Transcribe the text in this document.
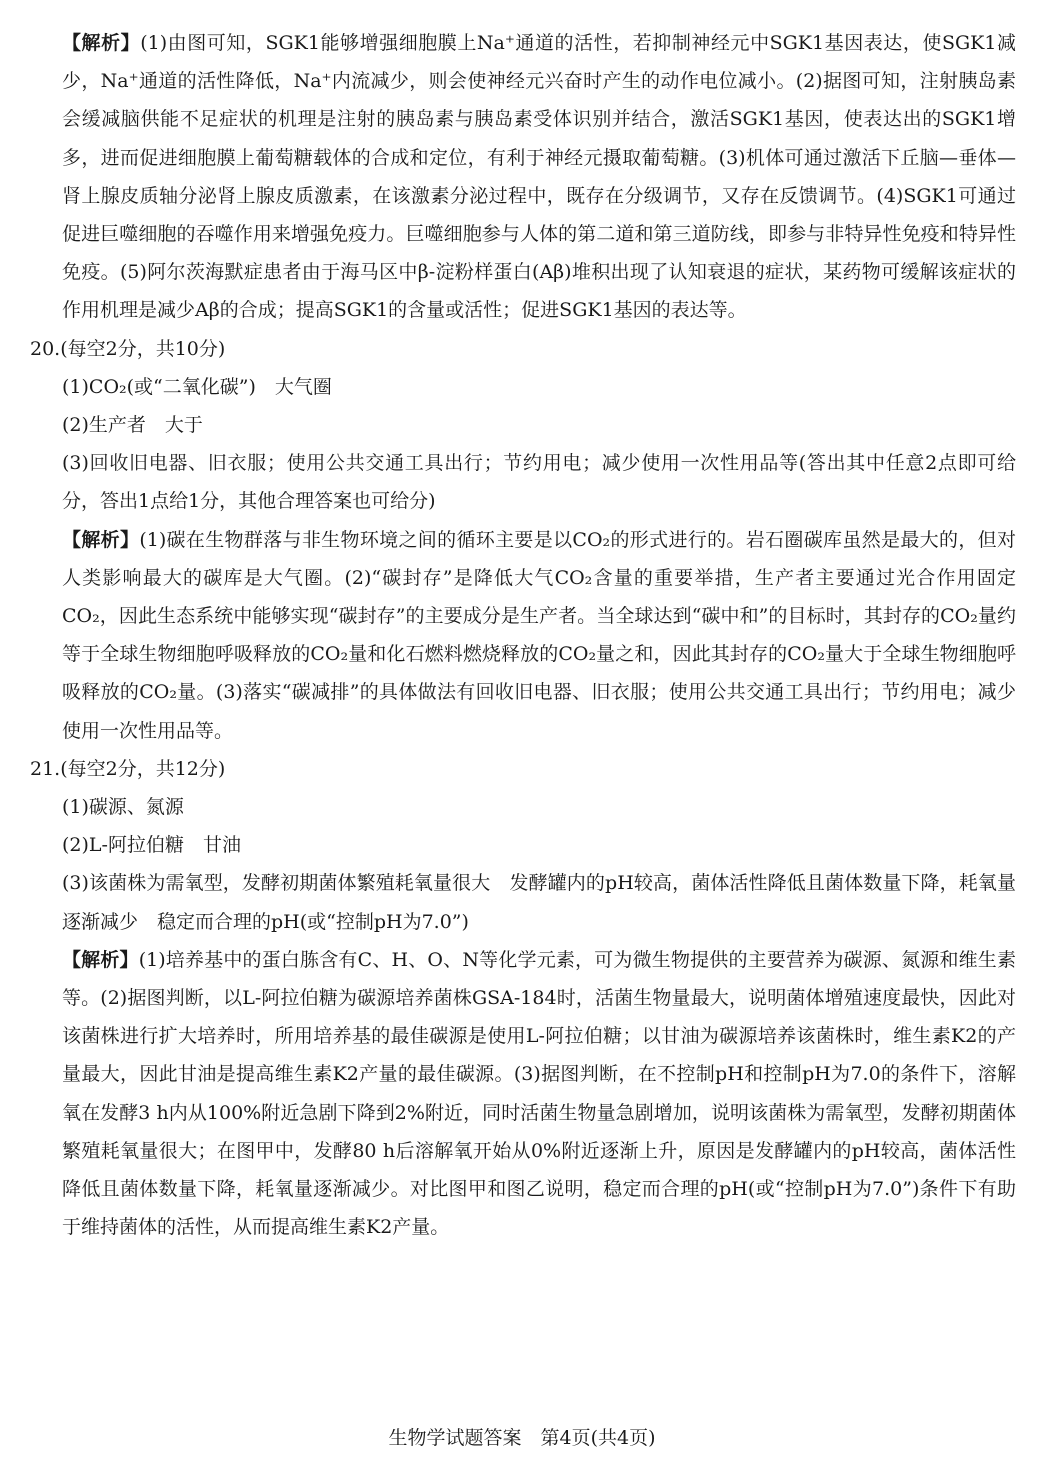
【解析】(1)由图可知，SGK1能够增强细胞膜上Na⁺通道的活性，若抑制神经元中SGK1基因表达，使SGK1减少，Na⁺通道的活性降低，Na⁺内流减少，则会使神经元兴奋时产生的动作电位减小。(2)据图可知，注射胰岛素会缓减脑供能不足症状的机理是注射的胰岛素与胰岛素受体识别并结合，激活SGK1基因，使表达出的SGK1增多，进而促进细胞膜上葡萄糖载体的合成和定位，有利于神经元摄取葡萄糖。(3)机体可通过激活下丘脑—垂体—肾上腺皮质轴分泌肾上腺皮质激素，在该激素分泌过程中，既存在分级调节，又存在反馈调节。(4)SGK1可通过促进巨噬细胞的吞噬作用来增强免疫力。巨噬细胞参与人体的第二道和第三道防线，即参与非特异性免疫和特异性免疫。(5)阿尔茨海默症患者由于海马区中β-淀粉样蛋白(Aβ)堆积出现了认知衰退的症状，某药物可缓解该症状的作用机理是减少Aβ的合成；提高SGK1的含量或活性；促进SGK1基因的表达等。

20.(每空2分，共10分)

(1)CO₂(或“二氧化碳”)　大气圈

(2)生产者　大于

(3)回收旧电器、旧衣服；使用公共交通工具出行；节约用电；减少使用一次性用品等(答出其中任意2点即可给分，答出1点给1分，其他合理答案也可给分)

【解析】(1)碳在生物群落与非生物环境之间的循环主要是以CO₂的形式进行的。岩石圈碳库虽然是最大的，但对人类影响最大的碳库是大气圈。(2)“碳封存”是降低大气CO₂含量的重要举措，生产者主要通过光合作用固定CO₂，因此生态系统中能够实现“碳封存”的主要成分是生产者。当全球达到“碳中和”的目标时，其封存的CO₂量约等于全球生物细胞呼吸释放的CO₂量和化石燃料燃烧释放的CO₂量之和，因此其封存的CO₂量大于全球生物细胞呼吸释放的CO₂量。(3)落实“碳减排”的具体做法有回收旧电器、旧衣服；使用公共交通工具出行；节约用电；减少使用一次性用品等。

21.(每空2分，共12分)

(1)碳源、氮源

(2)L-阿拉伯糖　甘油

(3)该菌株为需氧型，发酵初期菌体繁殖耗氧量很大　发酵罐内的pH较高，菌体活性降低且菌体数量下降，耗氧量逐渐减少　稳定而合理的pH(或“控制pH为7.0”)

【解析】(1)培养基中的蛋白胨含有C、H、O、N等化学元素，可为微生物提供的主要营养为碳源、氮源和维生素等。(2)据图判断，以L-阿拉伯糖为碳源培养菌株GSA-184时，活菌生物量最大，说明菌体增殖速度最快，因此对该菌株进行扩大培养时，所用培养基的最佳碳源是使用L-阿拉伯糖；以甘油为碳源培养该菌株时，维生素K2的产量最大，因此甘油是提高维生素K2产量的最佳碳源。(3)据图判断，在不控制pH和控制pH为7.0的条件下，溶解氧在发酵3 h内从100%附近急剧下降到2%附近，同时活菌生物量急剧增加，说明该菌株为需氧型，发酵初期菌体繁殖耗氧量很大；在图甲中，发酵80 h后溶解氧开始从0%附近逐渐上升，原因是发酵罐内的pH较高，菌体活性降低且菌体数量下降，耗氧量逐渐减少。对比图甲和图乙说明，稳定而合理的pH(或“控制pH为7.0”)条件下有助于维持菌体的活性，从而提高维生素K2产量。

生物学试题答案　第4页(共4页)
